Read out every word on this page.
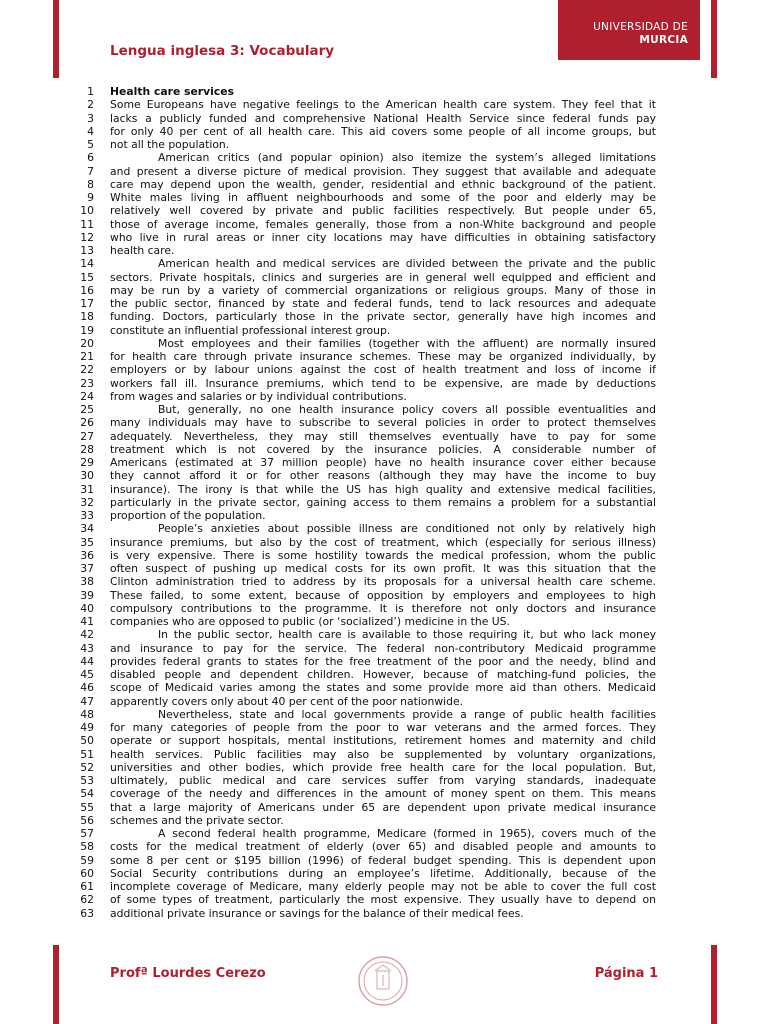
UNIVERSIDAD DE
MURCIA
Lengua inglesa 3: Vocabulary
1 Health care services
2 Some Europeans have negative feelings to the American health care system. They feel that it
3 lacks a publicly funded and comprehensive National Health Service since federal funds pay
4 for only 40 per cent of all health care. This aid covers some people of all income groups, but
5 not all the population.
6	American critics (and popular opinion) also itemize the system’s alleged limitations
7 and present a diverse picture of medical provision. They suggest that available and adequate
8 care may depend upon the wealth, gender, residential and ethnic background of the patient.
9 White males living in affluent neighbourhoods and some of the poor and elderly may be
10 relatively well covered by private and public facilities respectively. But people under 65,
11 those of average income, females generally, those from a non-White background and people
12 who live in rural areas or inner city locations may have difficulties in obtaining satisfactory
13 health care.
14	American health and medical services are divided between the private and the public
15 sectors. Private hospitals, clinics and surgeries are in general well equipped and efficient and
16 may be run by a variety of commercial organizations or religious groups. Many of those in
17 the public sector, financed by state and federal funds, tend to lack resources and adequate
18 funding. Doctors, particularly those in the private sector, generally have high incomes and
19 constitute an influential professional interest group.
20	Most employees and their families (together with the affluent) are normally insured
21 for health care through private insurance schemes. These may be organized individually, by
22 employers or by labour unions against the cost of health treatment and loss of income if
23 workers fall ill. Insurance premiums, which tend to be expensive, are made by deductions
24 from wages and salaries or by individual contributions.
25	But, generally, no one health insurance policy covers all possible eventualities and
26 many individuals may have to subscribe to several policies in order to protect themselves
27 adequately. Nevertheless, they may still themselves eventually have to pay for some
28 treatment which is not covered by the insurance policies. A considerable number of
29 Americans (estimated at 37 million people) have no health insurance cover either because
30 they cannot afford it or for other reasons (although they may have the income to buy
31 insurance). The irony is that while the US has high quality and extensive medical facilities,
32 particularly in the private sector, gaining access to them remains a problem for a substantial
33 proportion of the population.
34	People’s anxieties about possible illness are conditioned not only by relatively high
35 insurance premiums, but also by the cost of treatment, which (especially for serious illness)
36 is very expensive. There is some hostility towards the medical profession, whom the public
37 often suspect of pushing up medical costs for its own profit. It was this situation that the
38 Clinton administration tried to address by its proposals for a universal health care scheme.
39 These failed, to some extent, because of opposition by employers and employees to high
40 compulsory contributions to the programme. It is therefore not only doctors and insurance
41 companies who are opposed to public (or ‘socialized’) medicine in the US.
42	In the public sector, health care is available to those requiring it, but who lack money
43 and insurance to pay for the service. The federal non-contributory Medicaid programme
44 provides federal grants to states for the free treatment of the poor and the needy, blind and
45 disabled people and dependent children. However, because of matching-fund policies, the
46 scope of Medicaid varies among the states and some provide more aid than others. Medicaid
47 apparently covers only about 40 per cent of the poor nationwide.
48	Nevertheless, state and local governments provide a range of public health facilities
49 for many categories of people from the poor to war veterans and the armed forces. They
50 operate or support hospitals, mental institutions, retirement homes and maternity and child
51 health services. Public facilities may also be supplemented by voluntary organizations,
52 universities and other bodies, which provide free health care for the local population. But,
53 ultimately, public medical and care services suffer from varying standards, inadequate
54 coverage of the needy and differences in the amount of money spent on them. This means
55 that a large majority of Americans under 65 are dependent upon private medical insurance
56 schemes and the private sector.
57	A second federal health programme, Medicare (formed in 1965), covers much of the
58 costs for the medical treatment of elderly (over 65) and disabled people and amounts to
59 some 8 per cent or $195 billion (1996) of federal budget spending. This is dependent upon
60 Social Security contributions during an employee’s lifetime. Additionally, because of the
61 incomplete coverage of Medicare, many elderly people may not be able to cover the full cost
62 of some types of treatment, particularly the most expensive. They usually have to depend on
63 additional private insurance or savings for the balance of their medical fees.
Profª Lourdes Cerezo	Página 1
